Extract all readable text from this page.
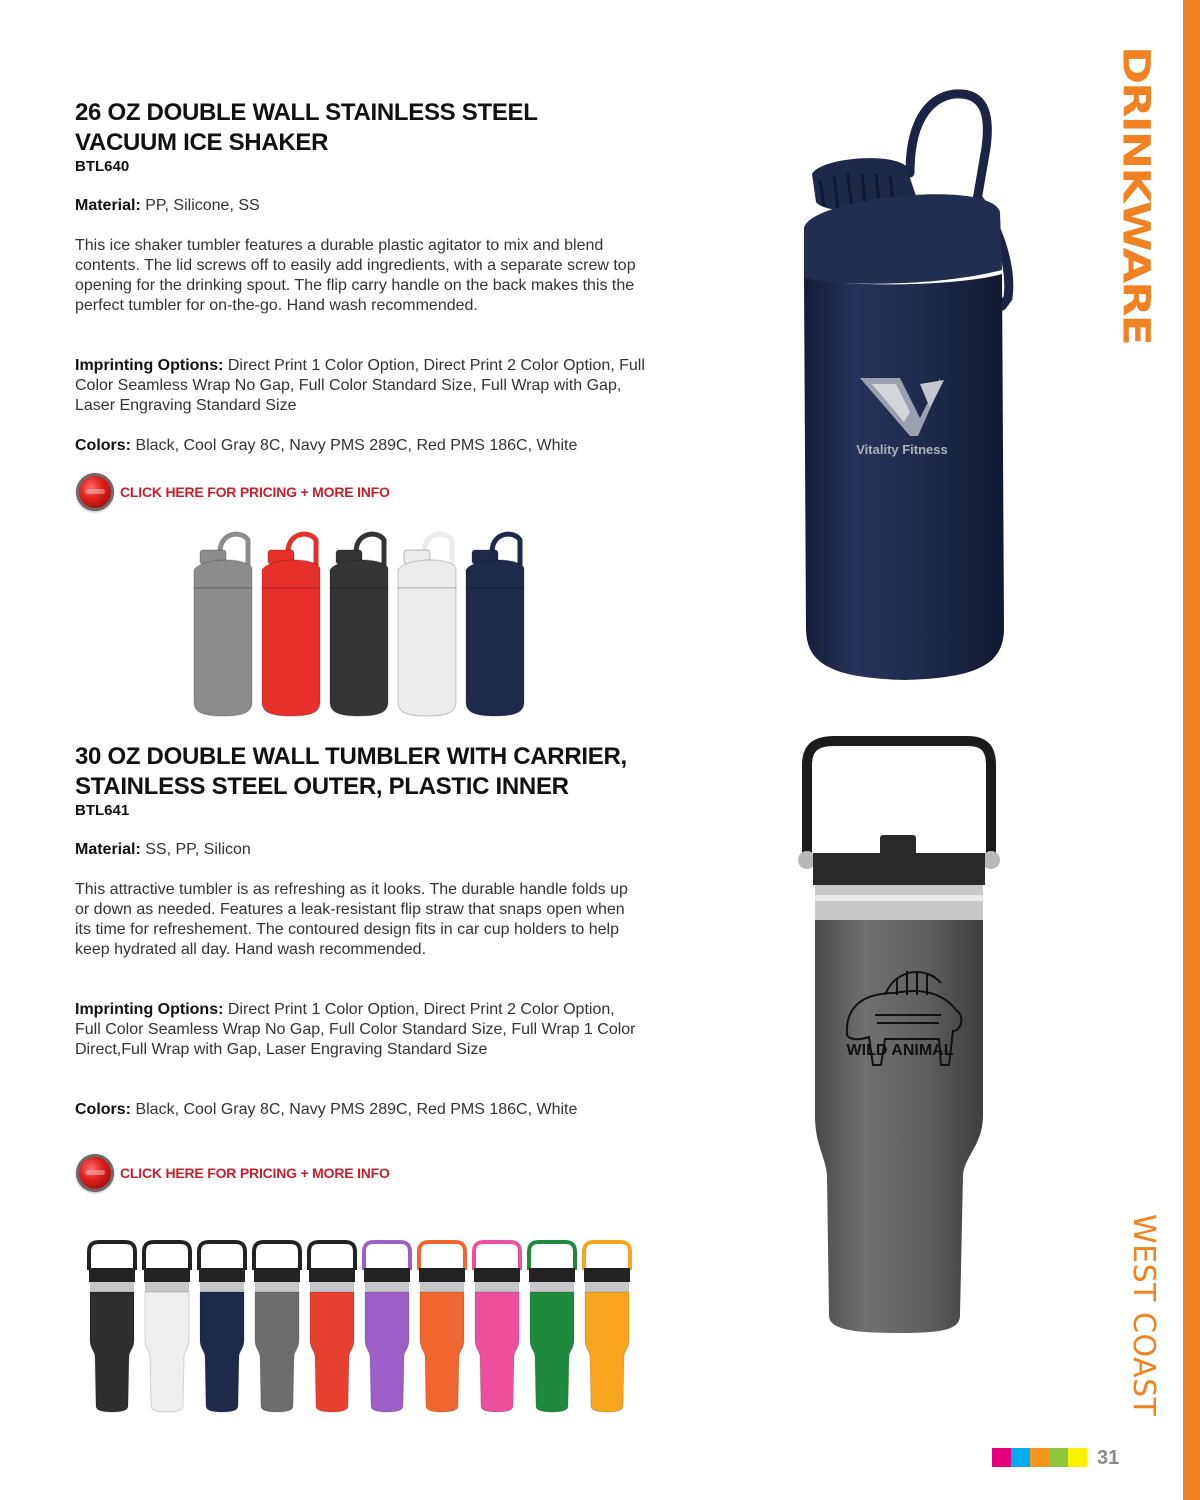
DRINKWARE
WEST COAST
26 OZ DOUBLE WALL STAINLESS STEEL
VACUUM ICE SHAKER
BTL640

Material: PP, Silicone, SS

This ice shaker tumbler features a durable plastic agitator to mix and blend contents. The lid screws off to easily add ingredients, with a separate screw top opening for the drinking spout. The flip carry handle on the back makes this the perfect tumbler for on-the-go. Hand wash recommended.

Imprinting Options: Direct Print 1 Color Option, Direct Print 2 Color Option, Full Color Seamless Wrap No Gap, Full Color Standard Size, Full Wrap with Gap, Laser Engraving Standard Size

Colors: Black, Cool Gray 8C, Navy PMS 289C, Red PMS 186C, White

CLICK HERE FOR PRICING + MORE INFO
Vitality Fitness
30 OZ DOUBLE WALL TUMBLER WITH CARRIER,
STAINLESS STEEL OUTER, PLASTIC INNER
BTL641

Material: SS, PP, Silicon

This attractive tumbler is as refreshing as it looks. The durable handle folds up or down as needed. Features a leak-resistant flip straw that snaps open when its time for refreshement. The contoured design fits in car cup holders to help keep hydrated all day. Hand wash recommended.

Imprinting Options: Direct Print 1 Color Option, Direct Print 2 Color Option, Full Color Seamless Wrap No Gap, Full Color Standard Size, Full Wrap 1 Color Direct,Full Wrap with Gap, Laser Engraving Standard Size

Colors: Black, Cool Gray 8C, Navy PMS 289C, Red PMS 186C, White

CLICK HERE FOR PRICING + MORE INFO
WILD ANIMAL
31
